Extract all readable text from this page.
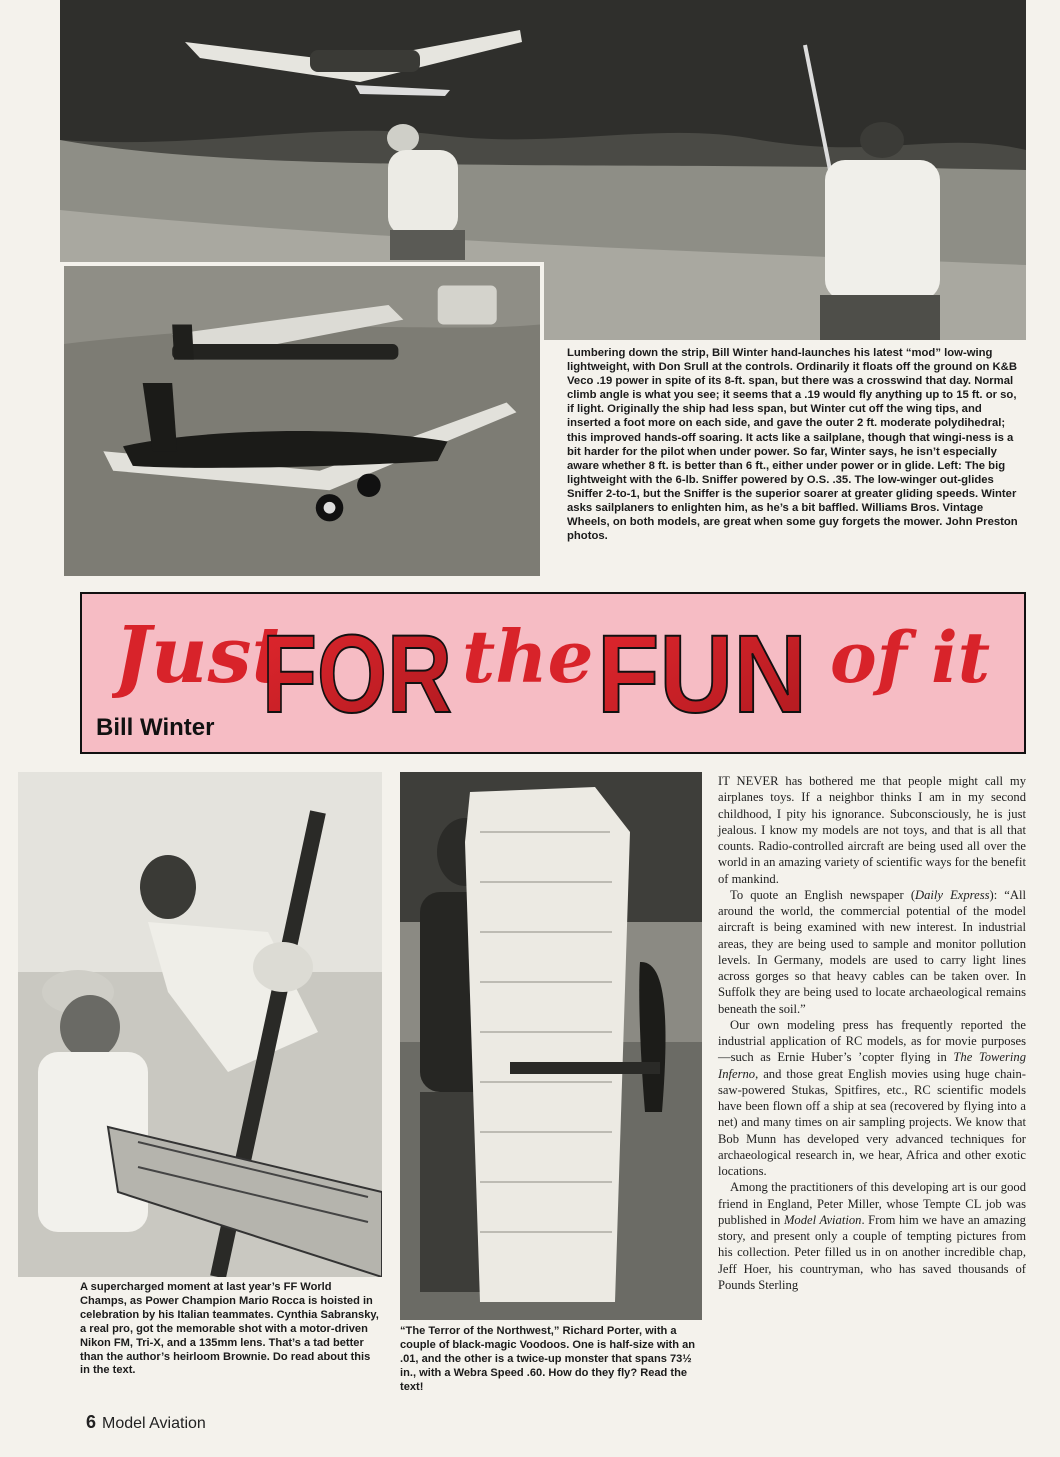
Lumbering down the strip, Bill Winter hand-launches his latest “mod” low-wing lightweight, with Don Srull at the controls. Ordinarily it floats off the ground on K&B Veco .19 power in spite of its 8-ft. span, but there was a crosswind that day. Normal climb angle is what you see; it seems that a .19 would fly anything up to 15 ft. or so, if light. Originally the ship had less span, but Winter cut off the wing tips, and inserted a foot more on each side, and gave the outer 2 ft. moderate polydihedral; this improved hands-off soaring. It acts like a sailplane, though that wingi-ness is a bit harder for the pilot when under power. So far, Winter says, he isn’t especially aware whether 8 ft. is better than 6 ft., either under power or in glide. Left: The big lightweight with the 6-lb. Sniffer powered by O.S. .35. The low-winger out-glides Sniffer 2-to-1, but the Sniffer is the superior soarer at greater gliding speeds. Winter asks sailplaners to enlighten him, as he’s a bit baffled. Williams Bros. Vintage Wheels, on both models, are great when some guy forgets the mower. John Preston photos.

Just
FOR the FUN of it
Bill Winter

A supercharged moment at last year’s FF World Champs, as Power Champion Mario Rocca is hoisted in celebration by his Italian teammates. Cynthia Sabransky, a real pro, got the memorable shot with a motor-driven Nikon FM, Tri-X, and a 135mm lens. That’s a tad better than the author’s heirloom Brownie. Do read about this in the text.

“The Terror of the Northwest,” Richard Porter, with a couple of black-magic Voodoos. One is half-size with an .01, and the other is a twice-up monster that spans 73½ in., with a Webra Speed .60. How do they fly? Read the text!

IT NEVER has bothered me that people might call my airplanes toys. If a neighbor thinks I am in my second childhood, I pity his ignorance. Subconsciously, he is just jealous. I know my models are not toys, and that is all that counts. Radio-controlled aircraft are being used all over the world in an amazing variety of scientific ways for the benefit of mankind.

To quote an English newspaper (Daily Express): “All around the world, the commercial potential of the model aircraft is being examined with new interest. In industrial areas, they are being used to sample and monitor pollution levels. In Germany, models are used to carry light lines across gorges so that heavy cables can be taken over. In Suffolk they are being used to locate archaeological remains beneath the soil.”

Our own modeling press has frequently reported the industrial application of RC models, as for movie purposes—such as Ernie Huber’s ’copter flying in The Towering Inferno, and those great English movies using huge chain-saw-powered Stukas, Spitfires, etc., RC scientific models have been flown off a ship at sea (recovered by flying into a net) and many times on air sampling projects. We know that Bob Munn has developed very advanced techniques for archaeological research in, we hear, Africa and other exotic locations.

Among the practitioners of this developing art is our good friend in England, Peter Miller, whose Tempte CL job was published in Model Aviation. From him we have an amazing story, and present only a couple of tempting pictures from his collection. Peter filled us in on another incredible chap, Jeff Hoer, his countryman, who has saved thousands of Pounds Sterling

6 Model Aviation
